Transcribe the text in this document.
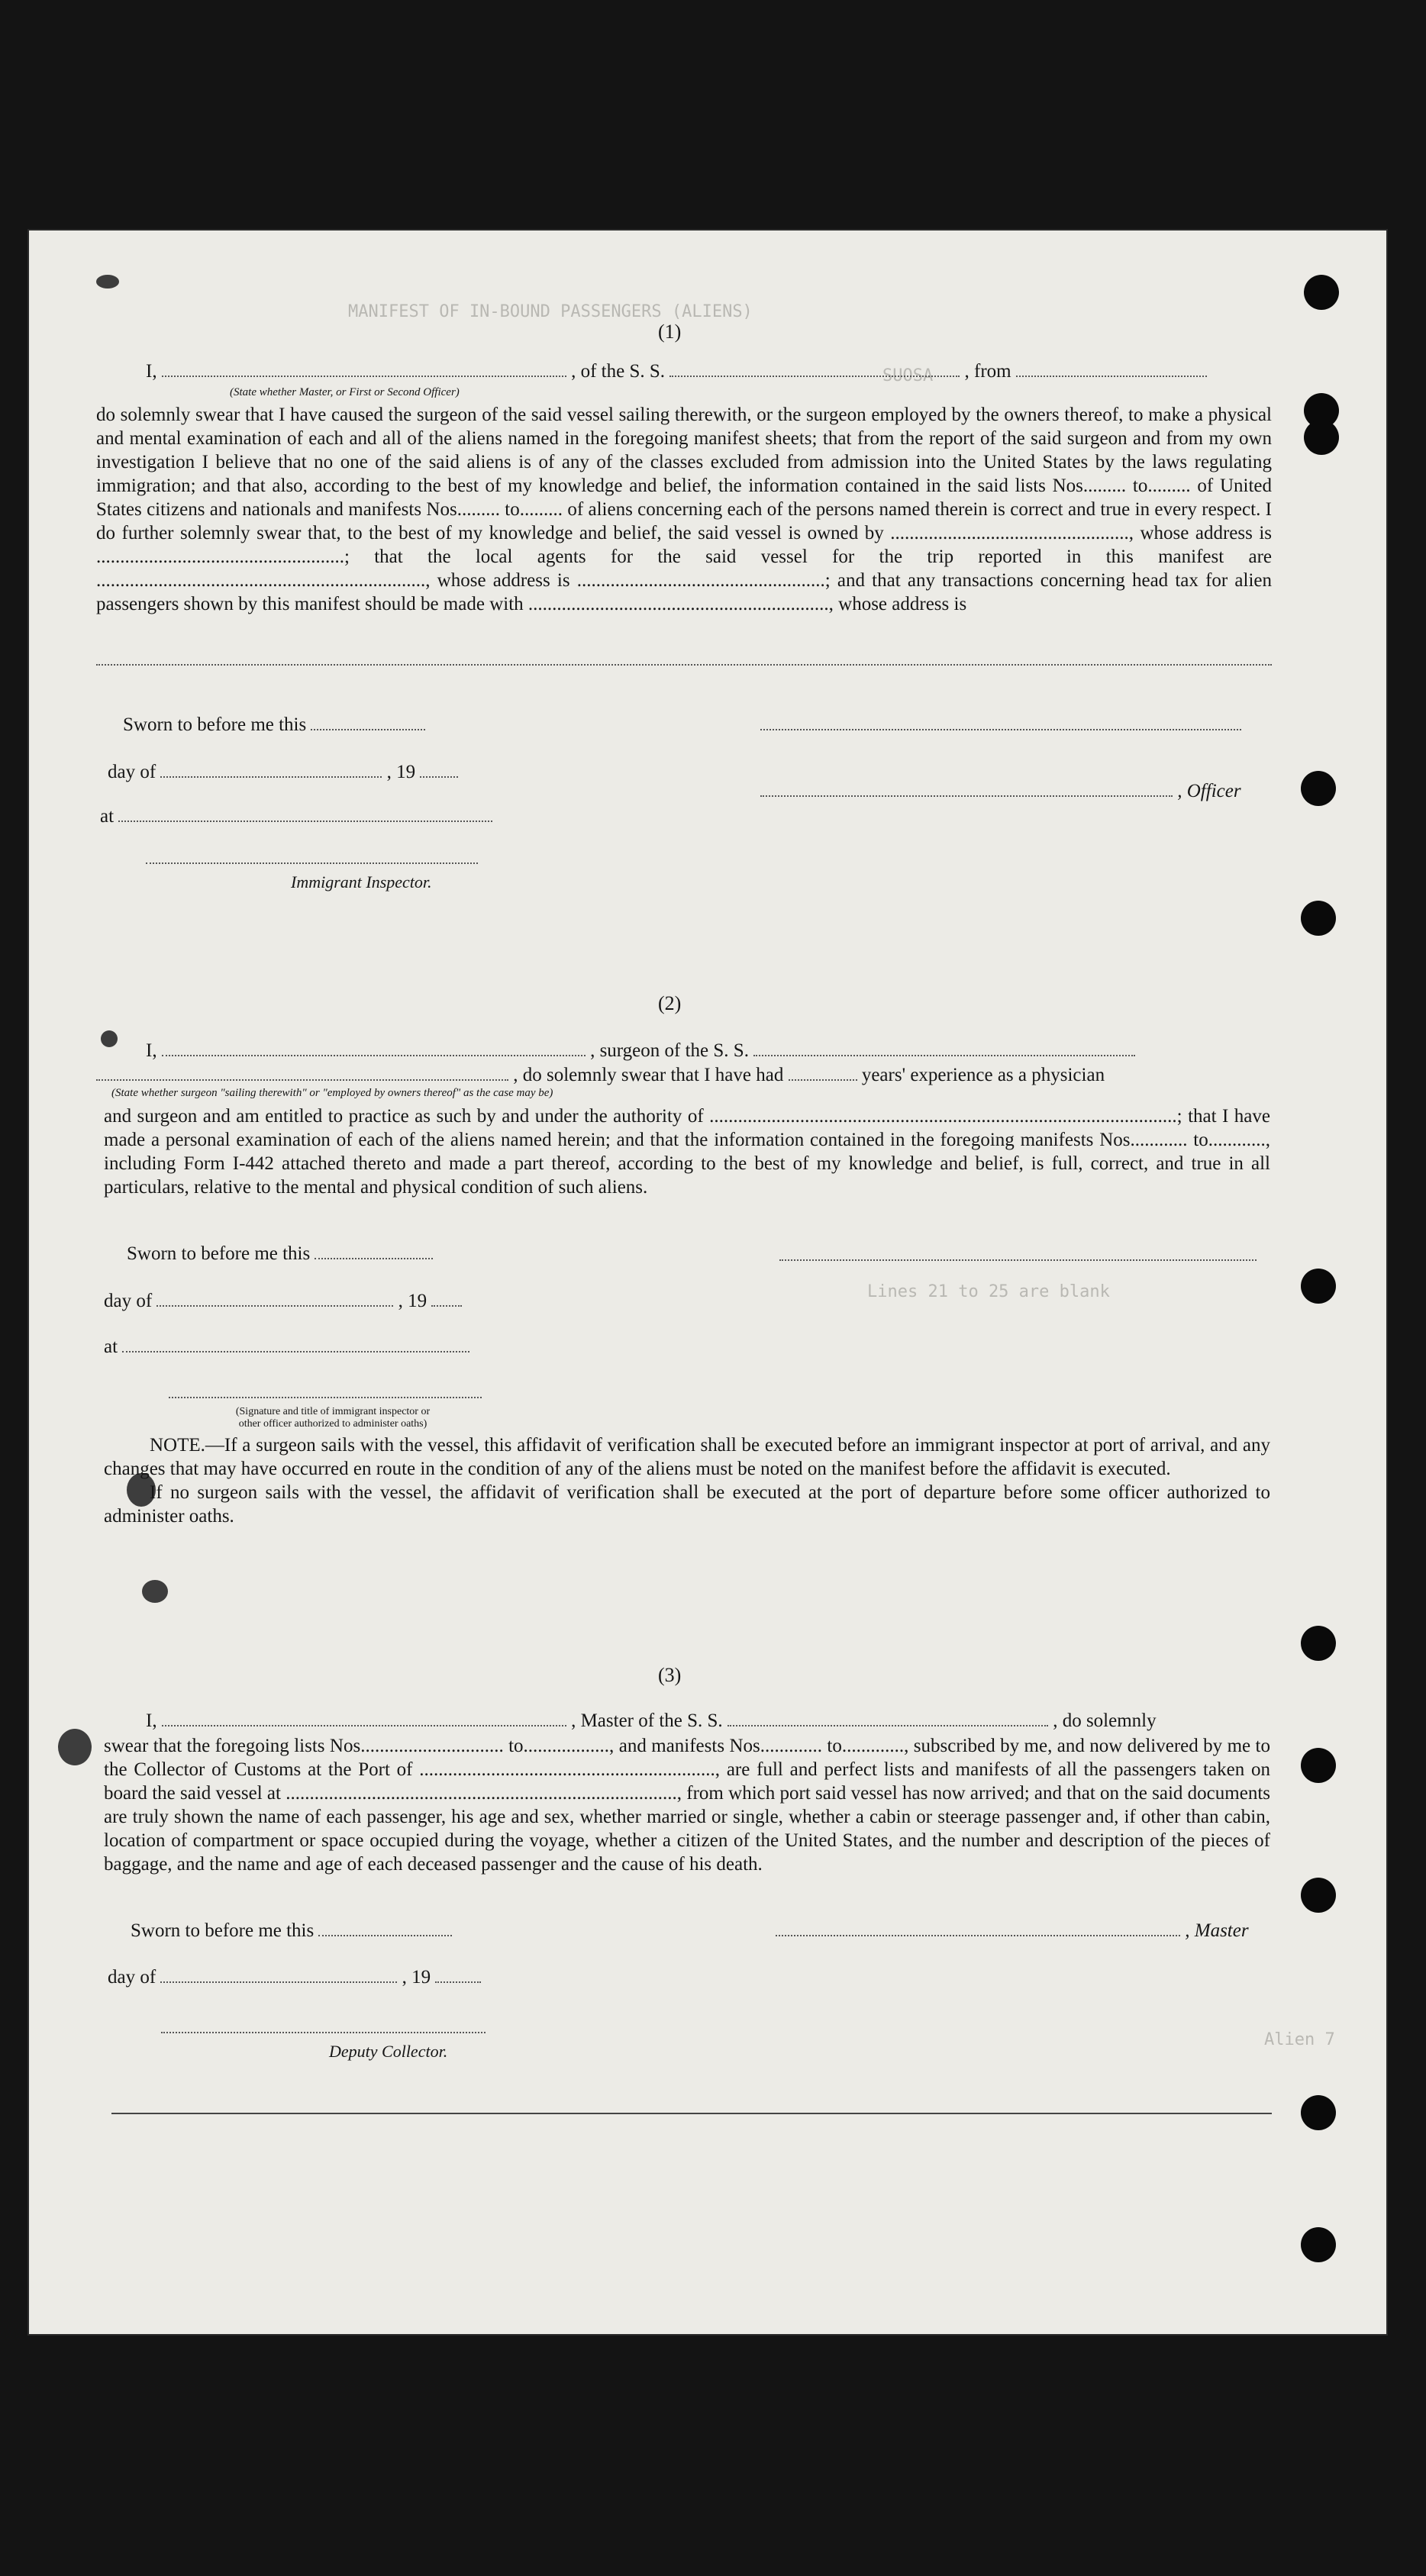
MANIFEST OF IN-BOUND PASSENGERS (ALIENS)
SUOSA
Lines 21 to 25 are blank
Alien 7
(1)
I,	, of the S. S.	, from
(State whether Master, or First or Second Officer)

do solemnly swear that I have caused the surgeon of the said vessel sailing therewith, or the surgeon employed by the owners thereof, to make a physical and mental examination of each and all of the aliens named in the foregoing manifest sheets; that from the report of the said surgeon and from my own investigation I believe that no one of the said aliens is of any of the classes excluded from admission into the United States by the laws regulating immigration; and that also, according to the best of my knowledge and belief, the information contained in the said lists Nos......... to......... of United States citizens and nationals and manifests Nos......... to......... of aliens concerning each of the persons named therein is correct and true in every respect. I do further solemnly swear that, to the best of my knowledge and belief, the said vessel is owned by .................................................., whose address is ....................................................; that the local agents for the said vessel for the trip reported in this manifest are ....................................................................., whose address is ....................................................; and that any transactions concerning head tax for alien passengers shown by this manifest should be made with ..............................................................., whose address is

Sworn to before me this
day of	, 19
, Officer
at
Immigrant Inspector.
(2)
I,	, surgeon of the S. S.
, do solemnly swear that I have had	years' experience as a physician
(State whether surgeon "sailing therewith" or "employed by owners thereof" as the case may be)

and surgeon and am entitled to practice as such by and under the authority of ..................................................................................................; that I have made a personal examination of each of the aliens named herein; and that the information contained in the foregoing manifests Nos............ to............, including Form I-442 attached thereto and made a part thereof, according to the best of my knowledge and belief, is full, correct, and true in all particulars, relative to the mental and physical condition of such aliens.

Sworn to before me this
day of	, 19
at
(Signature and title of immigrant inspector or
other officer authorized to administer oaths)

NOTE.—If a surgeon sails with the vessel, this affidavit of verification shall be executed before an immigrant inspector at port of arrival, and any changes that may have occurred en route in the condition of any of the aliens must be noted on the manifest before the affidavit is executed.

If no surgeon sails with the vessel, the affidavit of verification shall be executed at the port of departure before some officer authorized to administer oaths.

(3)
I,	, Master of the S. S.	, do solemnly

swear that the foregoing lists Nos.............................. to.................., and manifests Nos............. to............., subscribed by me, and now delivered by me to the Collector of Customs at the Port of .............................................................., are full and perfect lists and manifests of all the passengers taken on board the said vessel at .................................................................................., from which port said vessel has now arrived; and that on the said documents are truly shown the name of each passenger, his age and sex, whether married or single, whether a cabin or steerage passenger and, if other than cabin, location of compartment or space occupied during the voyage, whether a citizen of the United States, and the number and description of the pieces of baggage, and the name and age of each deceased passenger and the cause of his death.

Sworn to before me this	, Master
day of	, 19
Deputy Collector.
